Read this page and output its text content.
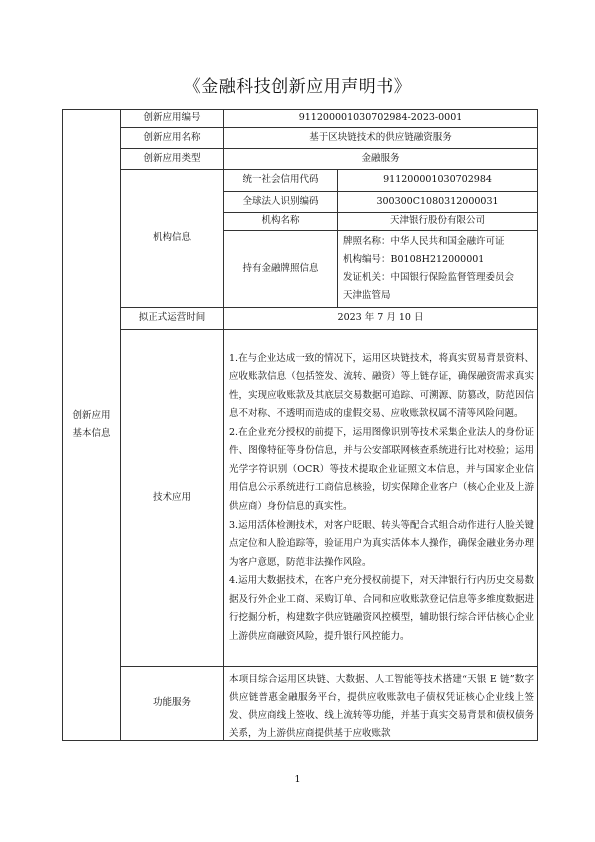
《金融科技创新应用声明书》
创新应用
基本信息	创新应用编号	911200001030702984-2023-0001	
	创新应用名称	基于区块链技术的供应链融资服务	
	创新应用类型	金融服务	
	机构信息	统一社会信用代码	911200001030702984
		全球法人识别编码	300300C1080312000031
		机构名称	天津银行股份有限公司
		持有金融牌照信息	牌照名称：中华人民共和国金融许可证
机构编号：B0108H212000001
发证机关：中国银行保险监督管理委员会
天津监管局

	拟正式运营时间	2023 年 7 月 10 日	
	技术应用	1.在与企业达成一致的情况下，运用区块链技术，将真实贸易背景资料、应收账款信息（包括签发、流转、融资）等上链存证，确保融资需求真实性，实现应收账款及其底层交易数据可追踪、可溯源、防篡改，防范因信息不对称、不透明而造成的虚假交易、应收账款权属不清等风险问题。

2.在企业充分授权的前提下，运用图像识别等技术采集企业法人的身份证件、图像特征等身份信息，并与公安部联网核查系统进行比对校验；运用光学字符识别（OCR）等技术提取企业证照文本信息，并与国家企业信用信息公示系统进行工商信息核验，切实保障企业客户（核心企业及上游供应商）身份信息的真实性。

3.运用活体检测技术，对客户眨眼、转头等配合式组合动作进行人脸关键点定位和人脸追踪等，验证用户为真实活体本人操作，确保金融业务办理为客户意愿，防范非法操作风险。

4.运用大数据技术，在客户充分授权前提下，对天津银行行内历史交易数据及行外企业工商、采购订单、合同和应收账款登记信息等多维度数据进行挖掘分析，构建数字供应链融资风控模型，辅助银行综合评估核心企业上游供应商融资风险，提升银行风控能力。	

	功能服务	本项目综合运用区块链、大数据、人工智能等技术搭建“天银 E 链”数字供应链普惠金融服务平台，提供应收账款电子债权凭证核心企业线上签发、供应商线上签收、线上流转等功能，并基于真实交易背景和债权债务关系，为上游供应商提供基于应收账款	
1
